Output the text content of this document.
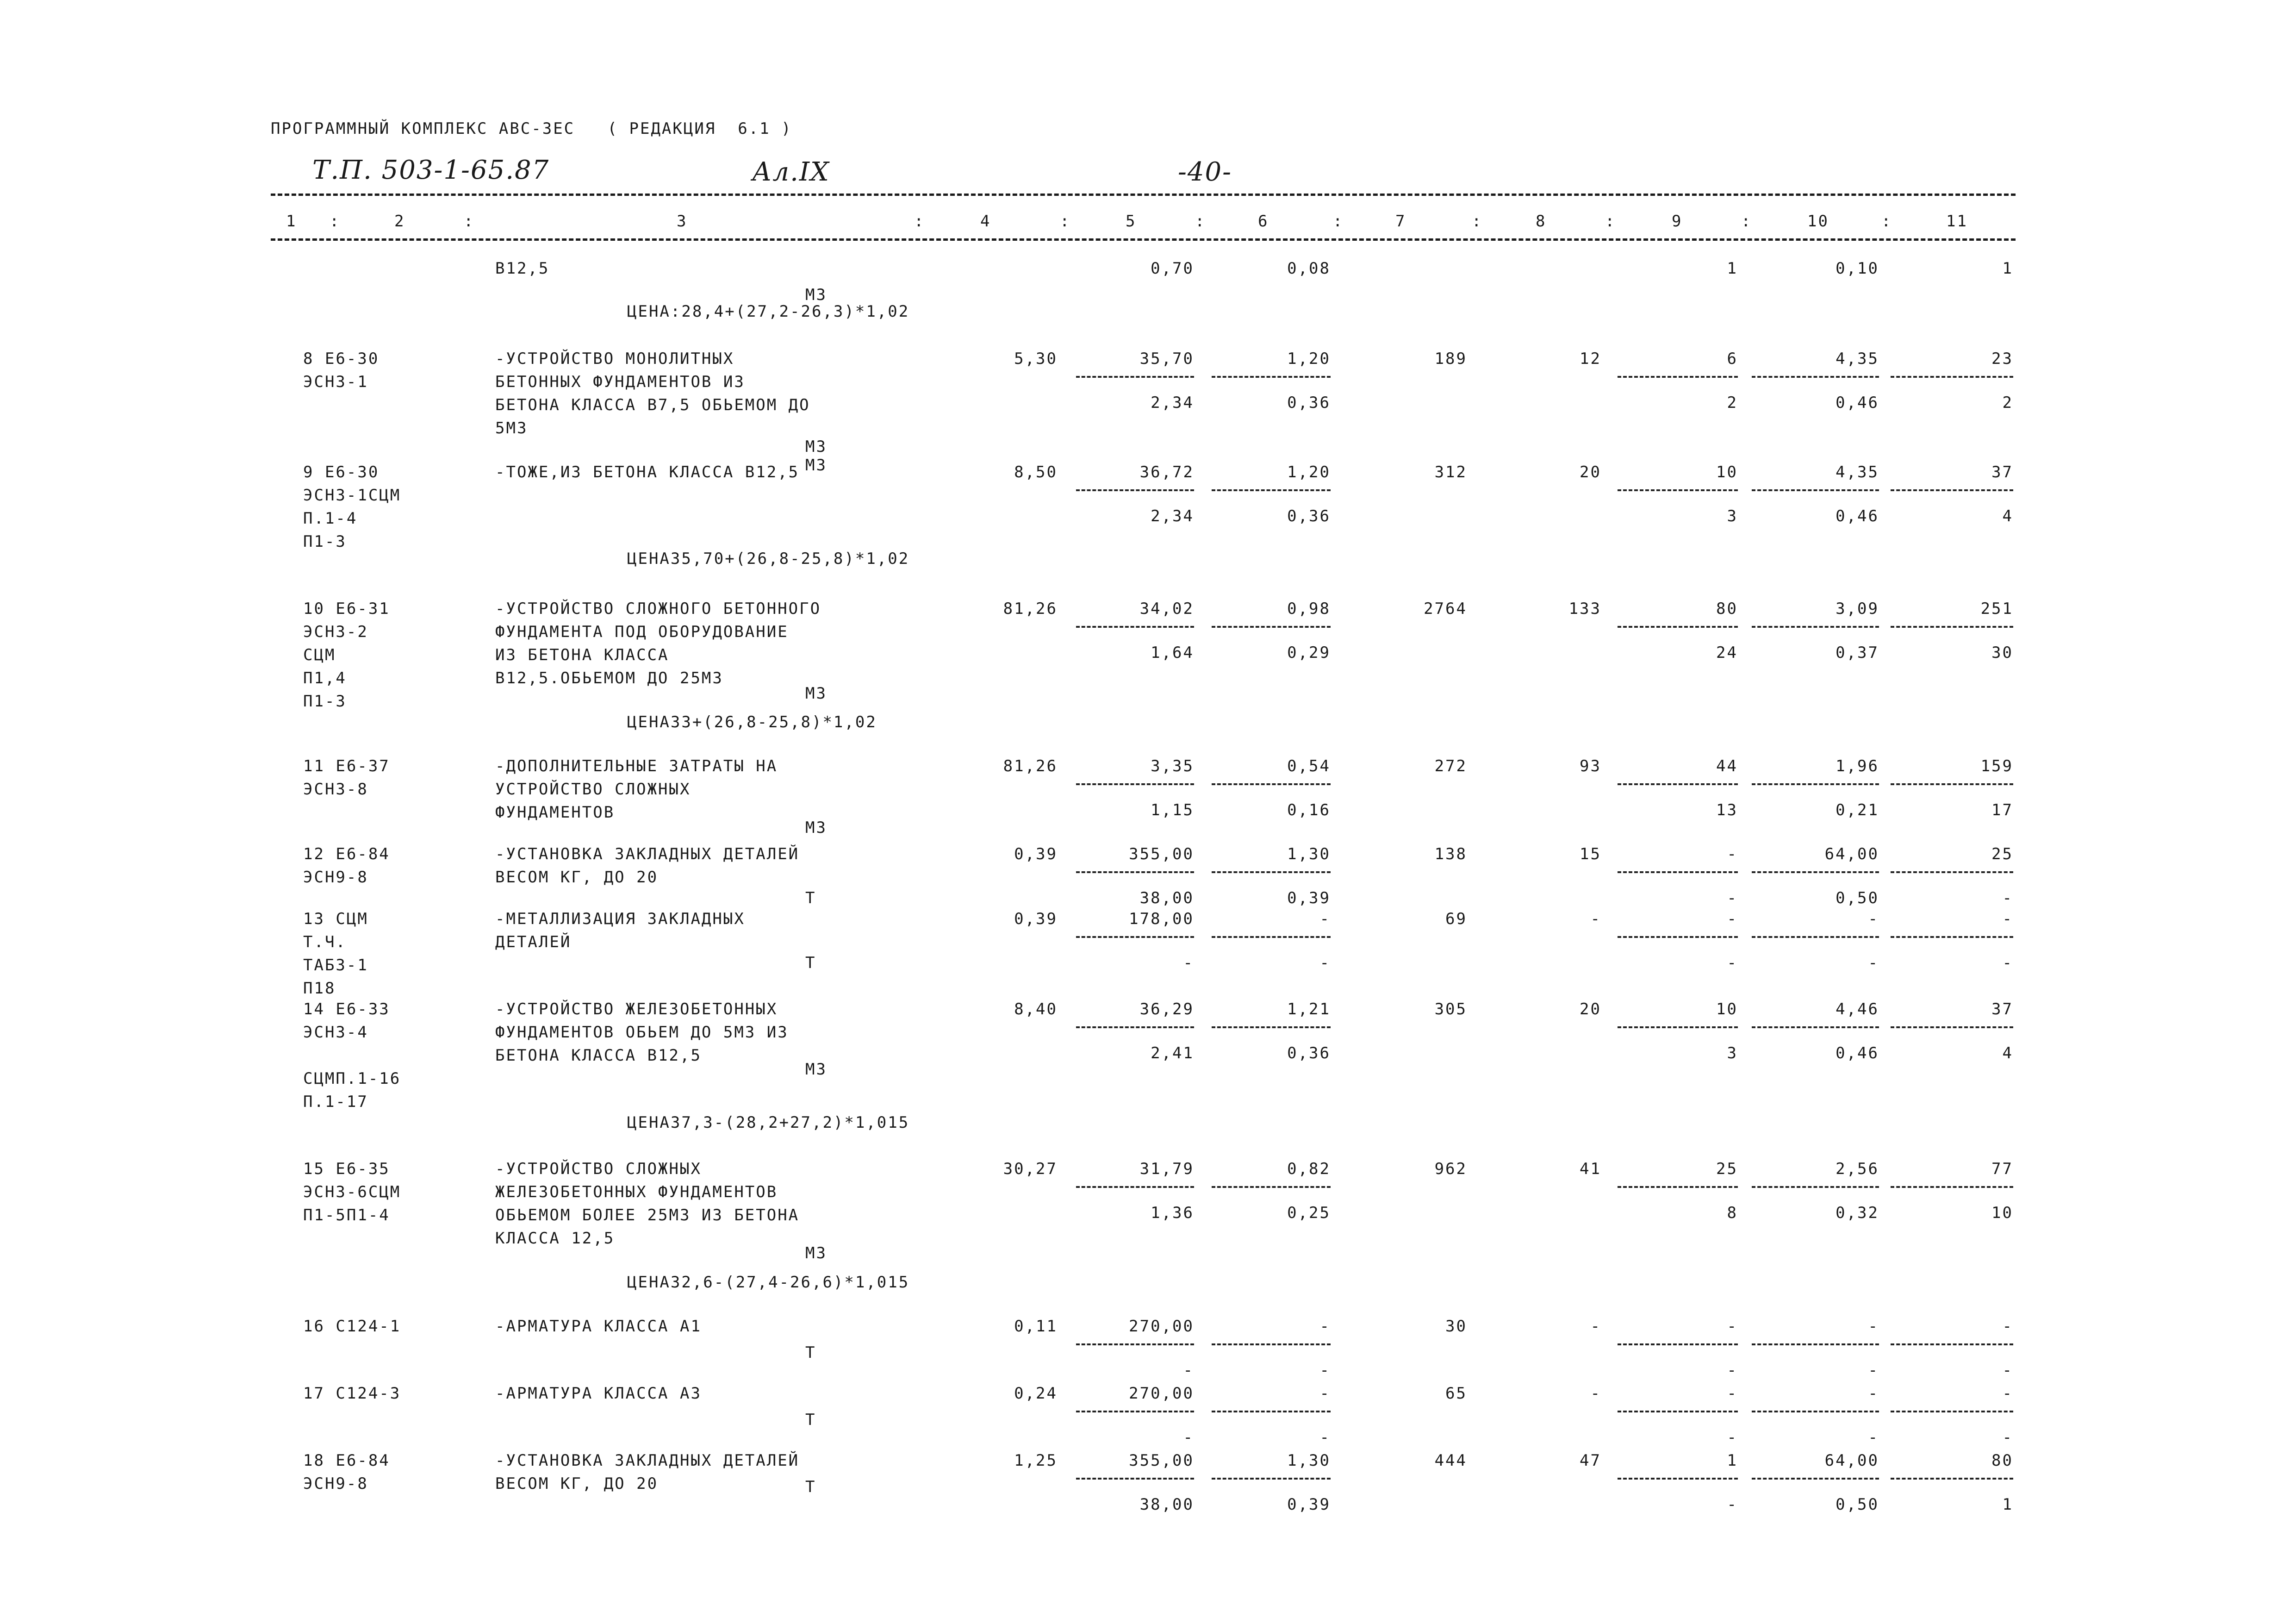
ПРОГРАММНЫЙ КОМПЛЕКС АВС-3ЕС   ( РЕДАКЦИЯ  6.1 )
Т.П. 503-1-65.87	Ал.IX	-40-
1 :	2	:	3	:	4	:	5	:	6	:	7	:	8	:	9	:	10	:	11
В12,5
М3
ЦЕНА:28,4+(27,2-26,3)*1,02
0,70	0,08	1	0,10	1
8 Е6-30
ЭСН3-1
-УСТРОЙСТВО МОНОЛИТНЫХ
БЕТОННЫХ ФУНДАМЕНТОВ ИЗ
БЕТОНА КЛАССА В7,5 ОБЬЕМОМ ДО
5М3
М3
5,30	35,70	1,20	189	12	6	4,35	23
2,34	0,36	2	0,46	2
9 Е6-30
ЭСН3-1СЦМ
П.1-4
П1-3
-ТОЖЕ,ИЗ БЕТОНА КЛАССА В12,5 М3
ЦЕНА35,70+(26,8-25,8)*1,02
8,50	36,72	1,20	312	20	10	4,35	37
2,34	0,36	3	0,46	4
10 Е6-31
ЭСН3-2
СЦМ
П1,4
П1-3
-УСТРОЙСТВО СЛОЖНОГО БЕТОННОГО
ФУНДАМЕНТА ПОД ОБОРУДОВАНИЕ
ИЗ БЕТОНА КЛАССА
В12,5.ОБЬЕМОМ ДО 25М3
М3
ЦЕНА33+(26,8-25,8)*1,02
81,26	34,02	0,98	2764	133	80	3,09	251
1,64	0,29	24	0,37	30
11 Е6-37
ЭСН3-8
-ДОПОЛНИТЕЛЬНЫЕ ЗАТРАТЫ НА
УСТРОЙСТВО СЛОЖНЫХ
ФУНДАМЕНТОВ
М3
81,26	3,35	0,54	272	93	44	1,96	159
1,15	0,16	13	0,21	17
12 Е6-84
ЭСН9-8
-УСТАНОВКА ЗАКЛАДНЫХ ДЕТАЛЕЙ
ВЕСОМ КГ, ДО 20
Т
0,39	355,00	1,30	138	15	-	64,00	25
38,00	0,39	-	0,50	-
13 СЦМ
Т.Ч.
ТАБ3-1
П18
-МЕТАЛЛИЗАЦИЯ ЗАКЛАДНЫХ
ДЕТАЛЕЙ
Т
0,39	178,00	-	69	-	-	-	-
-	-	-	-	-
14 Е6-33
ЭСН3-4
СЦМП.1-16
П.1-17
-УСТРОЙСТВО ЖЕЛЕЗОБЕТОННЫХ
ФУНДАМЕНТОВ ОБЬЕМ ДО 5М3 ИЗ
БЕТОНА КЛАССА В12,5
М3
ЦЕНА37,3-(28,2+27,2)*1,015
8,40	36,29	1,21	305	20	10	4,46	37
2,41	0,36	3	0,46	4
15 Е6-35
ЭСН3-6СЦМ
П1-5П1-4
-УСТРОЙСТВО СЛОЖНЫХ
ЖЕЛЕЗОБЕТОННЫХ ФУНДАМЕНТОВ
ОБЬЕМОМ БОЛЕЕ 25М3 ИЗ БЕТОНА
КЛАССА 12,5
М3
ЦЕНА32,6-(27,4-26,6)*1,015
30,27	31,79	0,82	962	41	25	2,56	77
1,36	0,25	8	0,32	10
16 С124-1	-АРМАТУРА КЛАССА А1
Т
0,11	270,00	-	30	-	-	-	-
-	-	-	-	-
17 С124-3	-АРМАТУРА КЛАССА А3
Т
0,24	270,00	-	65	-	-	-	-
-	-	-	-	-
18 Е6-84
ЭСН9-8
-УСТАНОВКА ЗАКЛАДНЫХ ДЕТАЛЕЙ
ВЕСОМ КГ, ДО 20	Т
1,25	355,00	1,30	444	47	1	64,00	80
38,00	0,39	-	0,50	1
